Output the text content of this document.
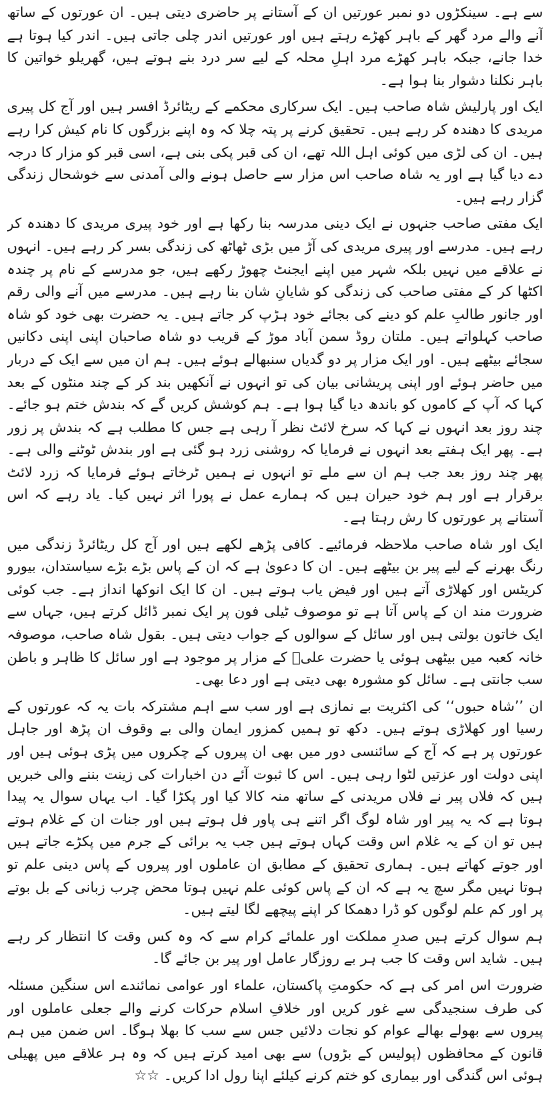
سے ہے۔ سینکڑوں دو نمبر عورتیں ان کے آستانے پر حاضری دیتی ہیں۔ ان عورتوں کے ساتھ آنے والے مرد گھر کے باہر کھڑے رہتے ہیں اور عورتیں اندر چلی جاتی ہیں۔ اندر کیا ہوتا ہے خدا جانے، جبکہ باہر کھڑے مرد اہلِ محلہ کے لیے سر درد بنے ہوتے ہیں، گھریلو خواتین کا باہر نکلنا دشوار بنا ہوا ہے۔

ایک اور پارلیش شاہ صاحب ہیں۔ ایک سرکاری محکمے کے ریٹائرڈ افسر ہیں اور آج کل پیری مریدی کا دھندہ کر رہے ہیں۔ تحقیق کرنے پر پتہ چلا کہ وہ اپنے بزرگوں کا نام کیش کرا رہے ہیں۔ ان کی لڑی میں کوئی اہل اللہ تھے، ان کی قبر پکی بنی ہے، اسی قبر کو مزار کا درجہ دے دیا گیا ہے اور یہ شاہ صاحب اس مزار سے حاصل ہونے والی آمدنی سے خوشحال زندگی گزار رہے ہیں۔

ایک مفتی صاحب جنہوں نے ایک دینی مدرسہ بنا رکھا ہے اور خود پیری مریدی کا دھندہ کر رہے ہیں۔ مدرسے اور پیری مریدی کی آڑ میں بڑی ٹھاٹھ کی زندگی بسر کر رہے ہیں۔ انہوں نے علاقے میں نہیں بلکہ شہر میں اپنے ایجنٹ چھوڑ رکھے ہیں، جو مدرسے کے نام پر چندہ اکٹھا کر کے مفتی صاحب کی زندگی کو شایانِ شان بنا رہے ہیں۔ مدرسے میں آنے والی رقم اور جانور طالبِ علم کو دینے کی بجائے خود ہڑپ کر جاتے ہیں۔ یہ حضرت بھی خود کو شاہ صاحب کہلواتے ہیں۔ ملتان روڈ سمن آباد موڑ کے قریب دو شاہ صاحبان اپنی اپنی دکانیں سجائے بیٹھے ہیں۔ اور ایک مزار پر دو گدیاں سنبھالے ہوئے ہیں۔ ہم ان میں سے ایک کے دربار میں حاضر ہوئے اور اپنی پریشانی بیان کی تو انہوں نے آنکھیں بند کر کے چند منٹوں کے بعد کہا کہ آپ کے کاموں کو باندھ دیا گیا ہوا ہے۔ ہم کوشش کریں گے کہ بندش ختم ہو جائے۔ چند روز بعد انہوں نے کہا کہ سرخ لائٹ نظر آ رہی ہے جس کا مطلب ہے کہ بندش پر زور ہے۔ پھر ایک ہفتے بعد انہوں نے فرمایا کہ روشنی زرد ہو گئی ہے اور بندش ٹوٹنے والی ہے۔ پھر چند روز بعد جب ہم ان سے ملے تو انہوں نے ہمیں ٹرخاتے ہوئے فرمایا کہ زرد لائٹ برقرار ہے اور ہم خود حیران ہیں کہ ہمارے عمل نے پورا اثر نہیں کیا۔ یاد رہے کہ اس آستانے پر عورتوں کا رش رہتا ہے۔

ایک اور شاہ صاحب ملاحظہ فرمائیے۔ کافی پڑھے لکھے ہیں اور آج کل ریٹائرڈ زندگی میں رنگ بھرنے کے لیے پیر بن بیٹھے ہیں۔ ان کا دعویٰ ہے کہ ان کے پاس بڑے بڑے سیاستدان، بیورو کریٹس اور کھلاڑی آتے ہیں اور فیض یاب ہوتے ہیں۔ ان کا ایک انوکھا انداز ہے۔ جب کوئی ضرورت مند ان کے پاس آتا ہے تو موصوف ٹیلی فون پر ایک نمبر ڈائل کرتے ہیں، جہاں سے ایک خاتون بولتی ہیں اور سائل کے سوالوں کے جواب دیتی ہیں۔ بقول شاہ صاحب، موصوفہ خانہ کعبہ میں بیٹھی ہوئی یا حضرت علیؓ کے مزار پر موجود ہے اور سائل کا ظاہر و باطن سب جانتی ہے۔ سائل کو مشورہ بھی دیتی ہے اور دعا بھی۔

ان ’’شاہ حبوں‘‘ کی اکثریت بے نمازی ہے اور سب سے اہم مشترکہ بات یہ کہ عورتوں کے رسیا اور کھلاڑی ہوتے ہیں۔ دکھ تو ہمیں کمزور ایمان والی بے وقوف ان پڑھ اور جاہل عورتوں پر ہے کہ آج کے سائنسی دور میں بھی ان پیروں کے چکروں میں پڑی ہوئی ہیں اور اپنی دولت اور عزتیں لٹوا رہی ہیں۔ اس کا ثبوت آئے دن اخبارات کی زینت بننے والی خبریں ہیں کہ فلاں پیر نے فلاں مریدنی کے ساتھ منہ کالا کیا اور پکڑا گیا۔ اب یہاں سوال یہ پیدا ہوتا ہے کہ یہ پیر اور شاہ لوگ اگر اتنے ہی پاور فل ہوتے ہیں اور جنات ان کے غلام ہوتے ہیں تو ان کے یہ غلام اس وقت کہاں ہوتے ہیں جب یہ برائی کے جرم میں پکڑے جاتے ہیں اور جوتے کھاتے ہیں۔ ہماری تحقیق کے مطابق ان عاملوں اور پیروں کے پاس دینی علم تو ہوتا نہیں مگر سچ یہ ہے کہ ان کے پاس کوئی علم نہیں ہوتا محض چرب زبانی کے بل بوتے پر اور کم علم لوگوں کو ڈرا دھمکا کر اپنے پیچھے لگا لیتے ہیں۔

ہم سوال کرتے ہیں صدرِ مملکت اور علمائے کرام سے کہ وہ کس وقت کا انتظار کر رہے ہیں۔ شاید اس وقت کا جب ہر بے روزگار عامل اور پیر بن جائے گا۔

ضرورت اس امر کی ہے کہ حکومتِ پاکستان، علماء اور عوامی نمائندے اس سنگین مسئلہ کی طرف سنجیدگی سے غور کریں اور خلافِ اسلام حرکات کرنے والے جعلی عاملوں اور پیروں سے بھولے بھالے عوام کو نجات دلائیں جس سے سب کا بھلا ہوگا۔ اس ضمن میں ہم قانون کے محافظوں (پولیس کے بڑوں) سے بھی امید کرتے ہیں کہ وہ ہر علاقے میں پھیلی ہوئی اس گندگی اور بیماری کو ختم کرنے کیلئے اپنا رول ادا کریں۔ ☆☆
